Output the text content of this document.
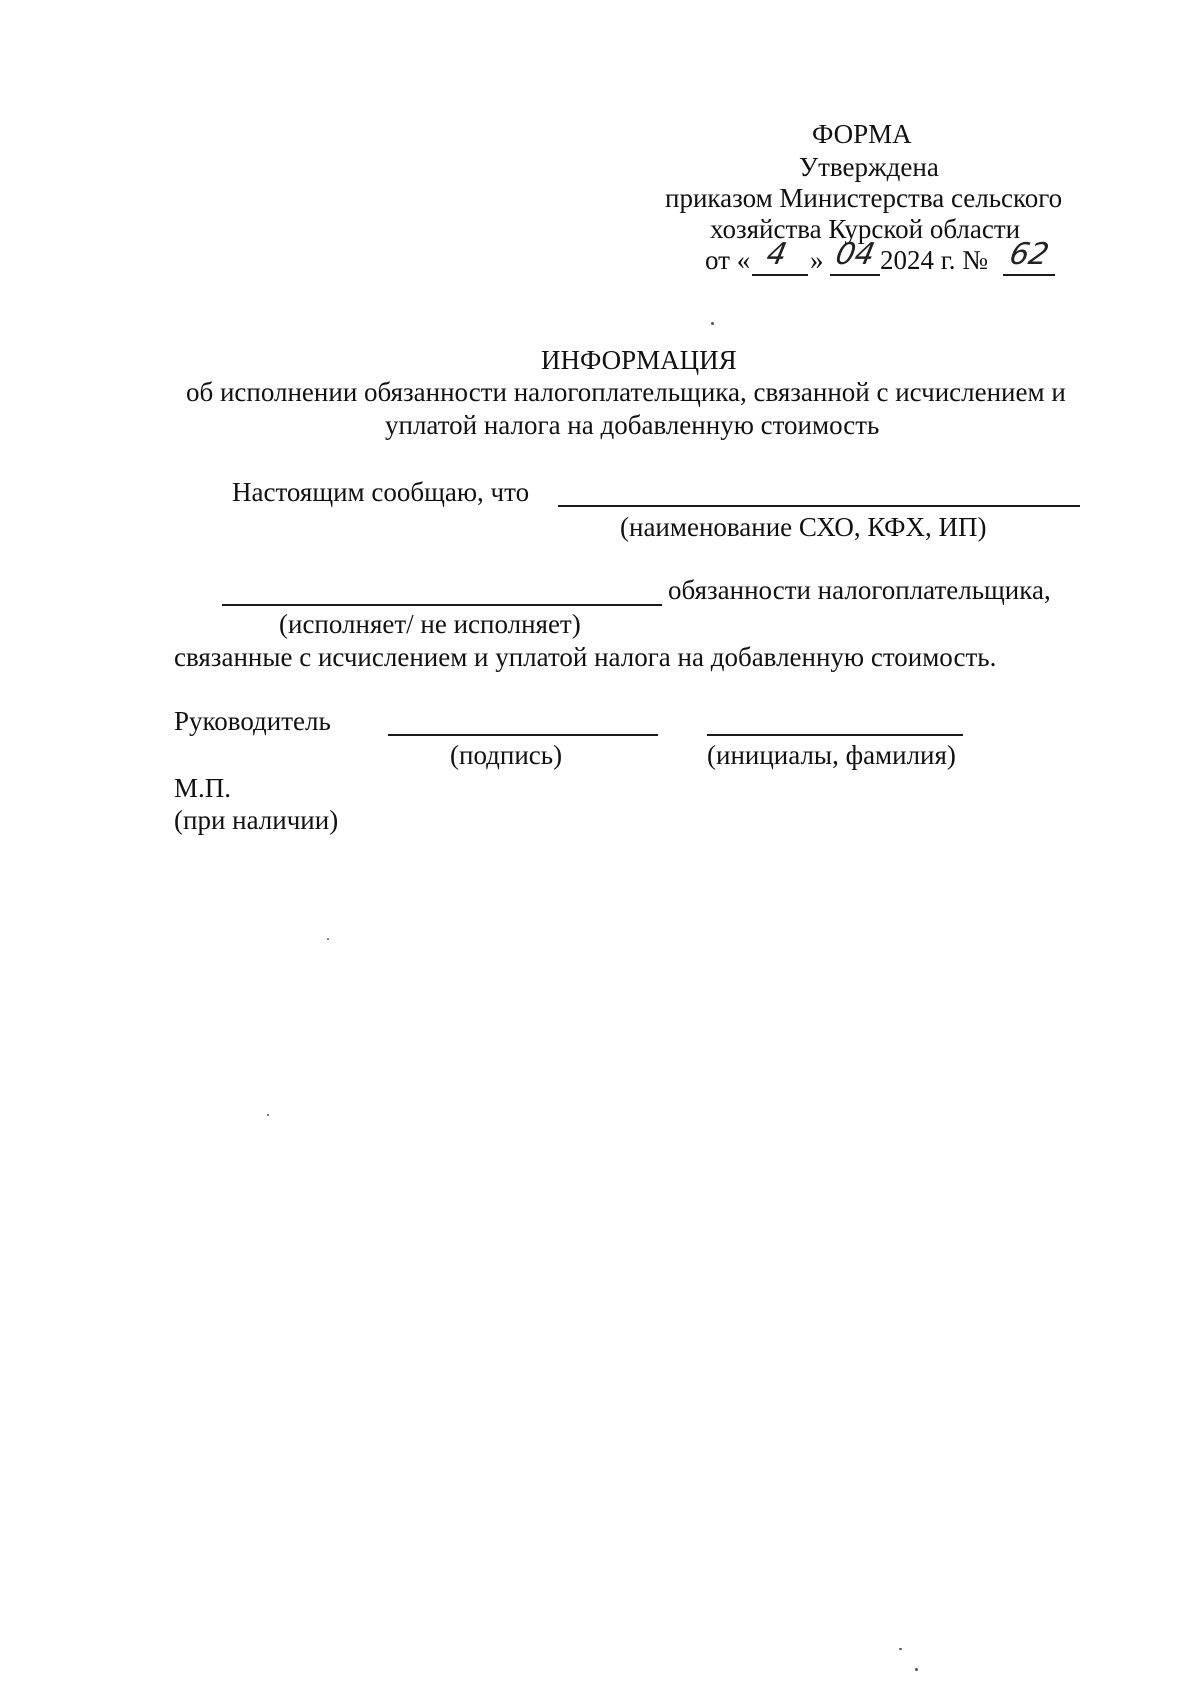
ФОРМА
Утверждена
приказом Министерства сельского
хозяйства Курской области
от « 4 » 04 2024 г. № 62
ИНФОРМАЦИЯ
об исполнении обязанности налогоплательщика, связанной с исчислением и
уплатой налога на добавленную стоимость
Настоящим сообщаю, что
(наименование СХО, КФХ, ИП)
обязанности налогоплательщика,
(исполняет/ не исполняет)
связанные с исчислением и уплатой налога на добавленную стоимость.
Руководитель
(подпись)	(инициалы, фамилия)
М.П.
(при наличии)
